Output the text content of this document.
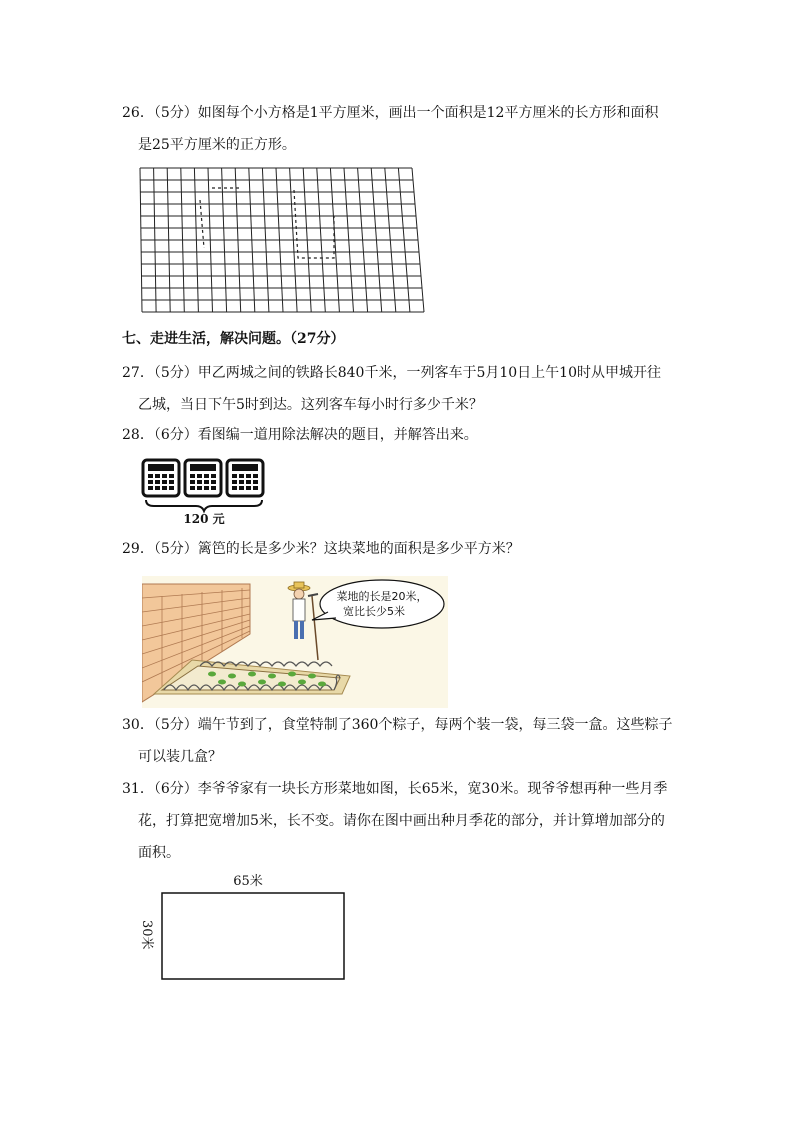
26．（5分）如图每个小方格是1平方厘米，画出一个面积是12平方厘米的长方形和面积
是25平方厘米的正方形。
七、走进生活，解决问题。（27分）
27．（5分）甲乙两城之间的铁路长840千米，一列客车于5月10日上午10时从甲城开往
乙城，当日下午5时到达。这列客车每小时行多少千米？
28．（6分）看图编一道用除法解决的题目，并解答出来。
120 元
29．（5分）篱笆的长是多少米？这块菜地的面积是多少平方米？
菜地的长是20米，
宽比长少5米
30．（5分）端午节到了，食堂特制了360个粽子，每两个装一袋，每三袋一盒。这些粽子
可以装几盒？
31．（6分）李爷爷家有一块长方形菜地如图，长65米，宽30米。现爷爷想再种一些月季
花，打算把宽增加5米，长不变。请你在图中画出种月季花的部分，并计算增加部分的
面积。
65米
30米
